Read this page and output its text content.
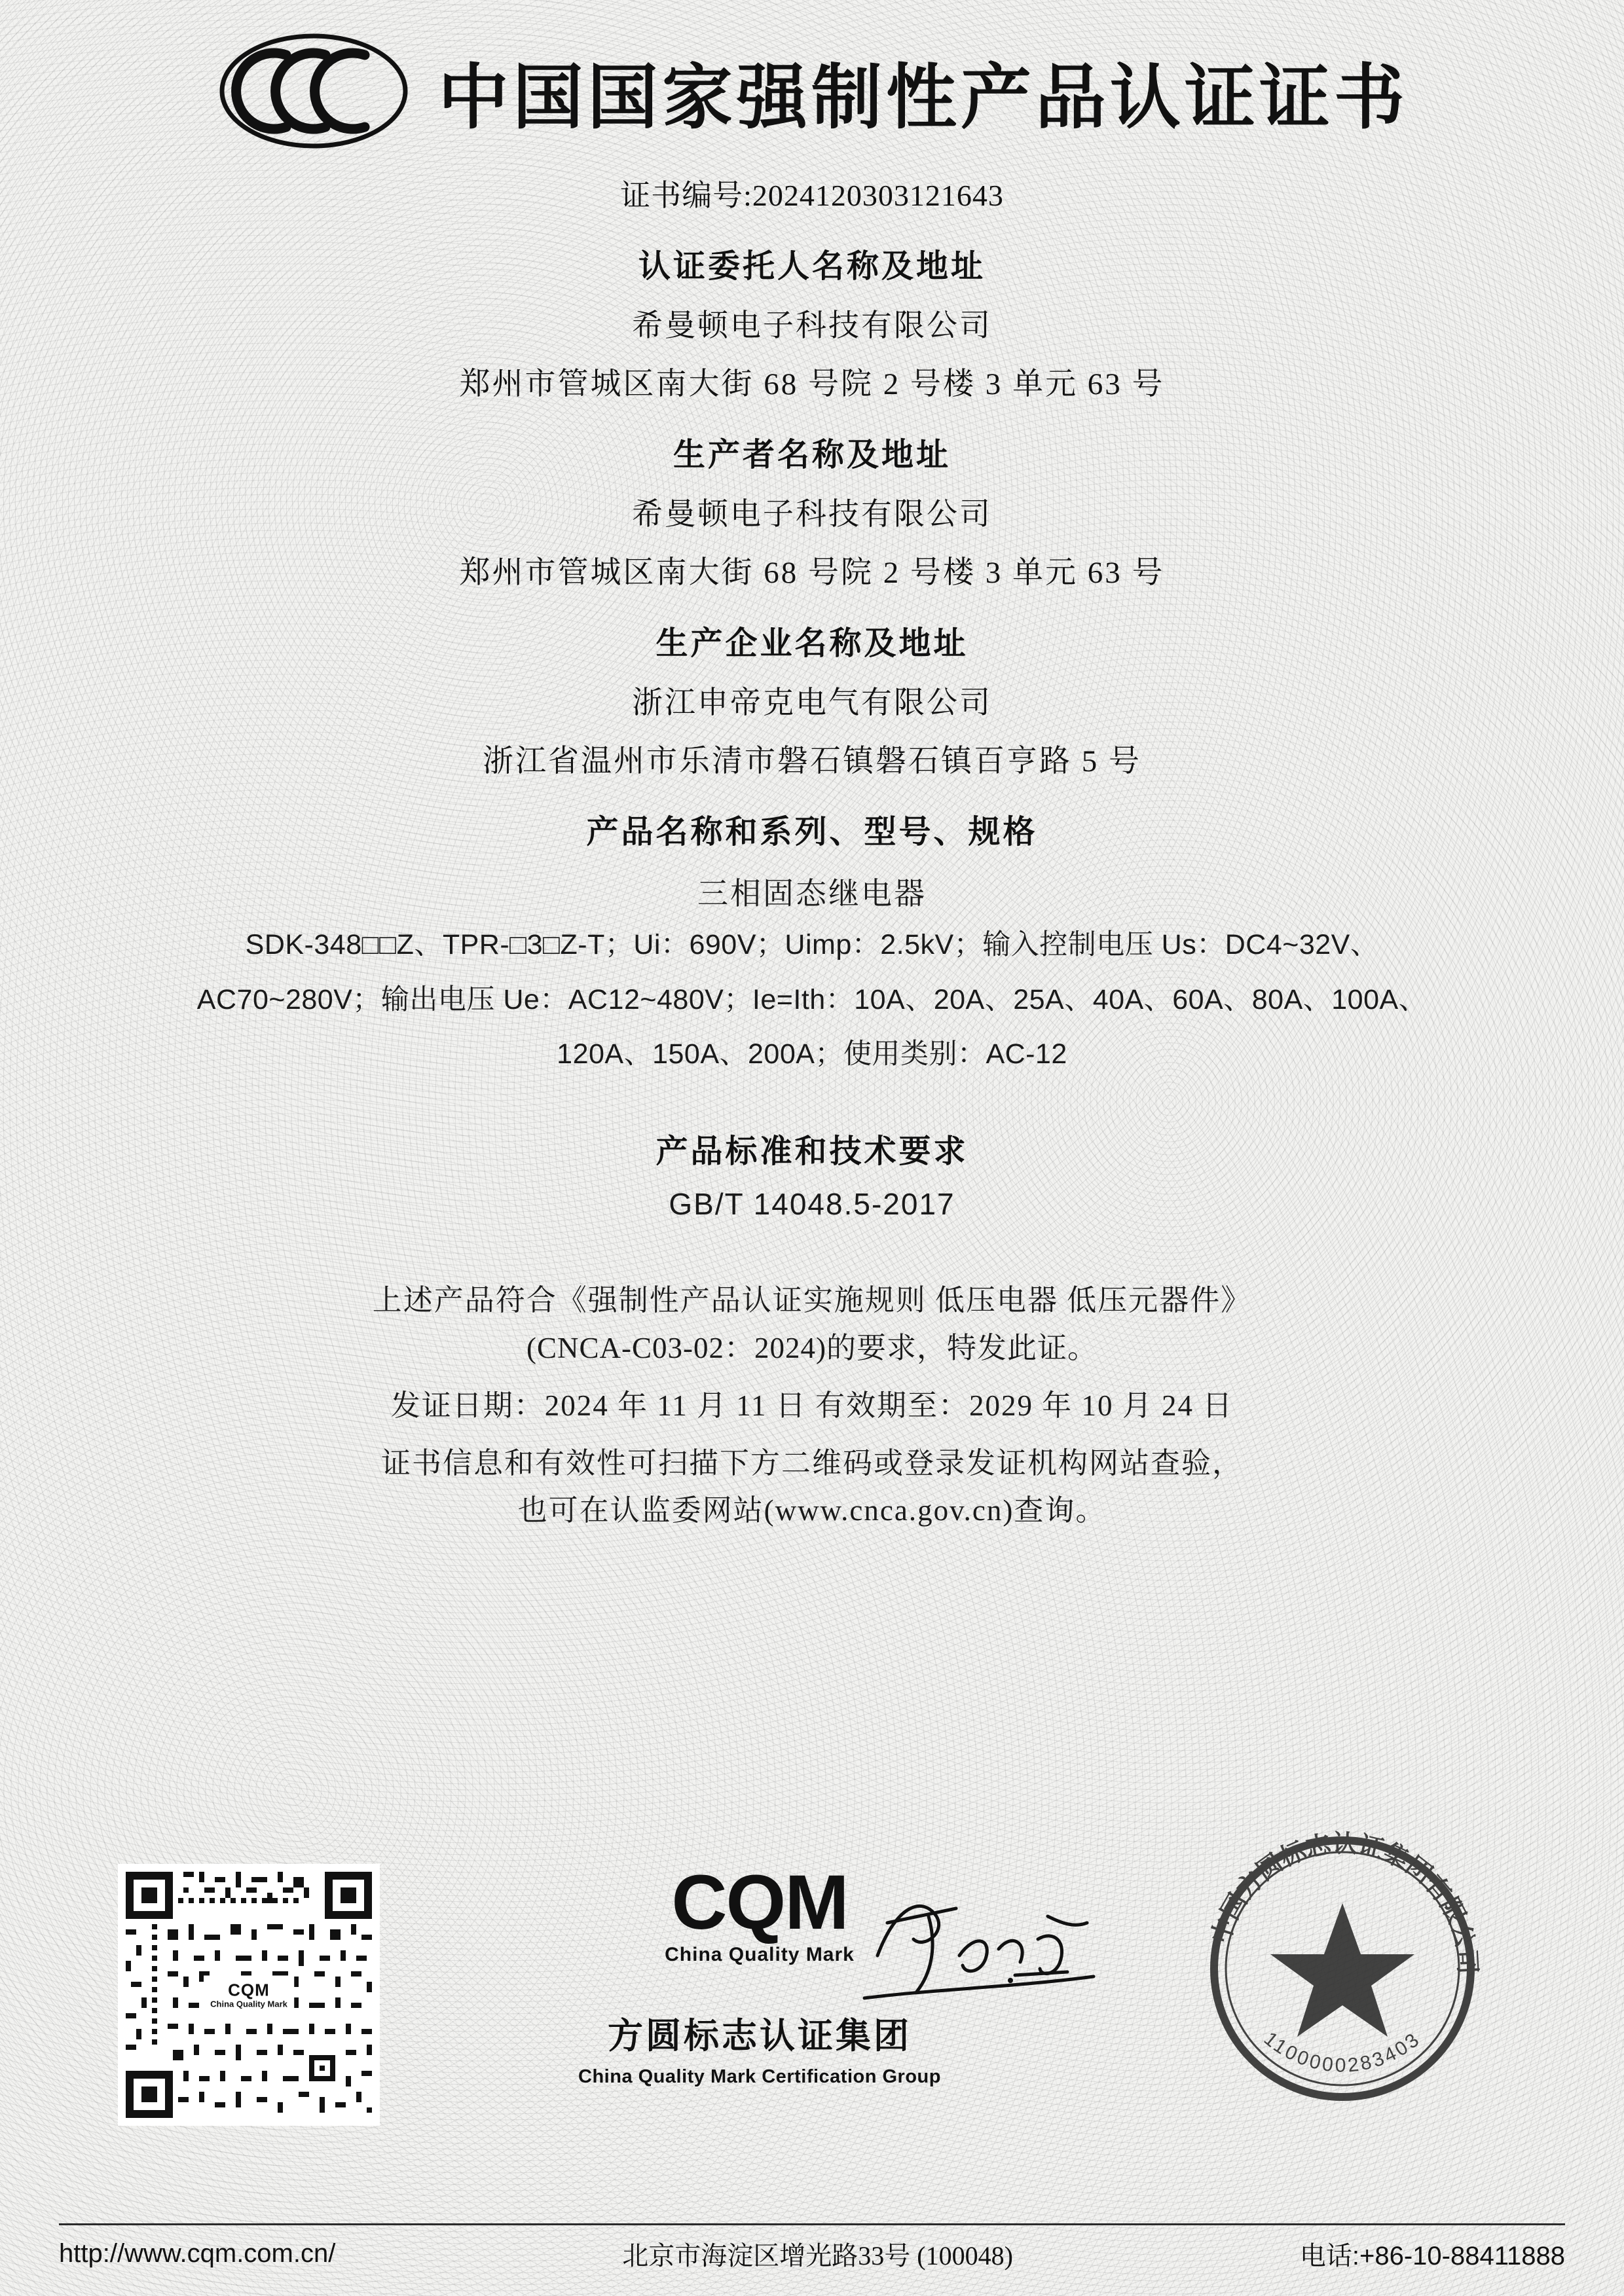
中国国家强制性产品认证证书
证书编号:2024120303121643
认证委托人名称及地址
希曼顿电子科技有限公司
郑州市管城区南大街 68 号院 2 号楼 3 单元 63 号
生产者名称及地址
希曼顿电子科技有限公司
郑州市管城区南大街 68 号院 2 号楼 3 单元 63 号
生产企业名称及地址
浙江申帝克电气有限公司
浙江省温州市乐清市磐石镇磐石镇百亨路 5 号
产品名称和系列、型号、规格
三相固态继电器
SDK-348□□Z、TPR-□3□Z-T；Ui：690V；Uimp：2.5kV；输入控制电压 Us：DC4~32V、
AC70~280V；输出电压 Ue：AC12~480V；Ie=Ith：10A、20A、25A、40A、60A、80A、100A、
120A、150A、200A；使用类别：AC-12
产品标准和技术要求
GB/T 14048.5-2017
上述产品符合《强制性产品认证实施规则 低压电器 低压元器件》
(CNCA-C03-02：2024)的要求，特发此证。
发证日期：2024 年 11 月 11 日 有效期至：2029 年 10 月 24 日
证书信息和有效性可扫描下方二维码或登录发证机构网站查验，
也可在认监委网站(www.cnca.gov.cn)查询。
CQM
China Quality Mark
CQM
China Quality Mark
方圆标志认证集团
China Quality Mark Certification Group
中国方圆标志认证集团有限公司
1100000283403
http://www.cqm.com.cn/	北京市海淀区增光路33号 (100048)	电话:+86-10-88411888
